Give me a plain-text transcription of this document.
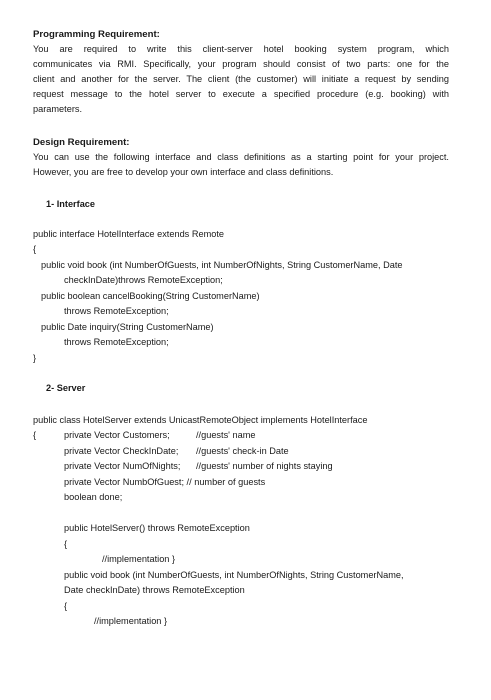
Programming Requirement:
You are required to write this client-server hotel booking system program, which
communicates via RMI. Specifically, your program should consist of two parts: one for the
client and another for the server. The client (the customer) will initiate a request by sending
request message to the hotel server to execute a specified procedure (e.g. booking) with
parameters.
Design Requirement:
You can use the following interface and class definitions as a starting point for your project.
However, you are free to develop your own interface and class definitions.
1- Interface
public interface HotelInterface extends Remote
{
public void book (int NumberOfGuests, int NumberOfNights, String CustomerName, Date
checkInDate)throws RemoteException;
public boolean cancelBooking(String CustomerName)
throws RemoteException;
public Date inquiry(String CustomerName)
throws RemoteException;
}
2- Server
public class HotelServer extends UnicastRemoteObject implements HotelInterface
{	private Vector Customers;	//guests' name
private Vector CheckInDate; //guests' check-in Date
private Vector NumOfNights; //guests' number of nights staying
private Vector NumbOfGuest; // number of guests
boolean done;
public HotelServer() throws RemoteException
{
//implementation }
public void book (int NumberOfGuests, int NumberOfNights, String CustomerName,
Date checkInDate) throws RemoteException
{
//implementation }
